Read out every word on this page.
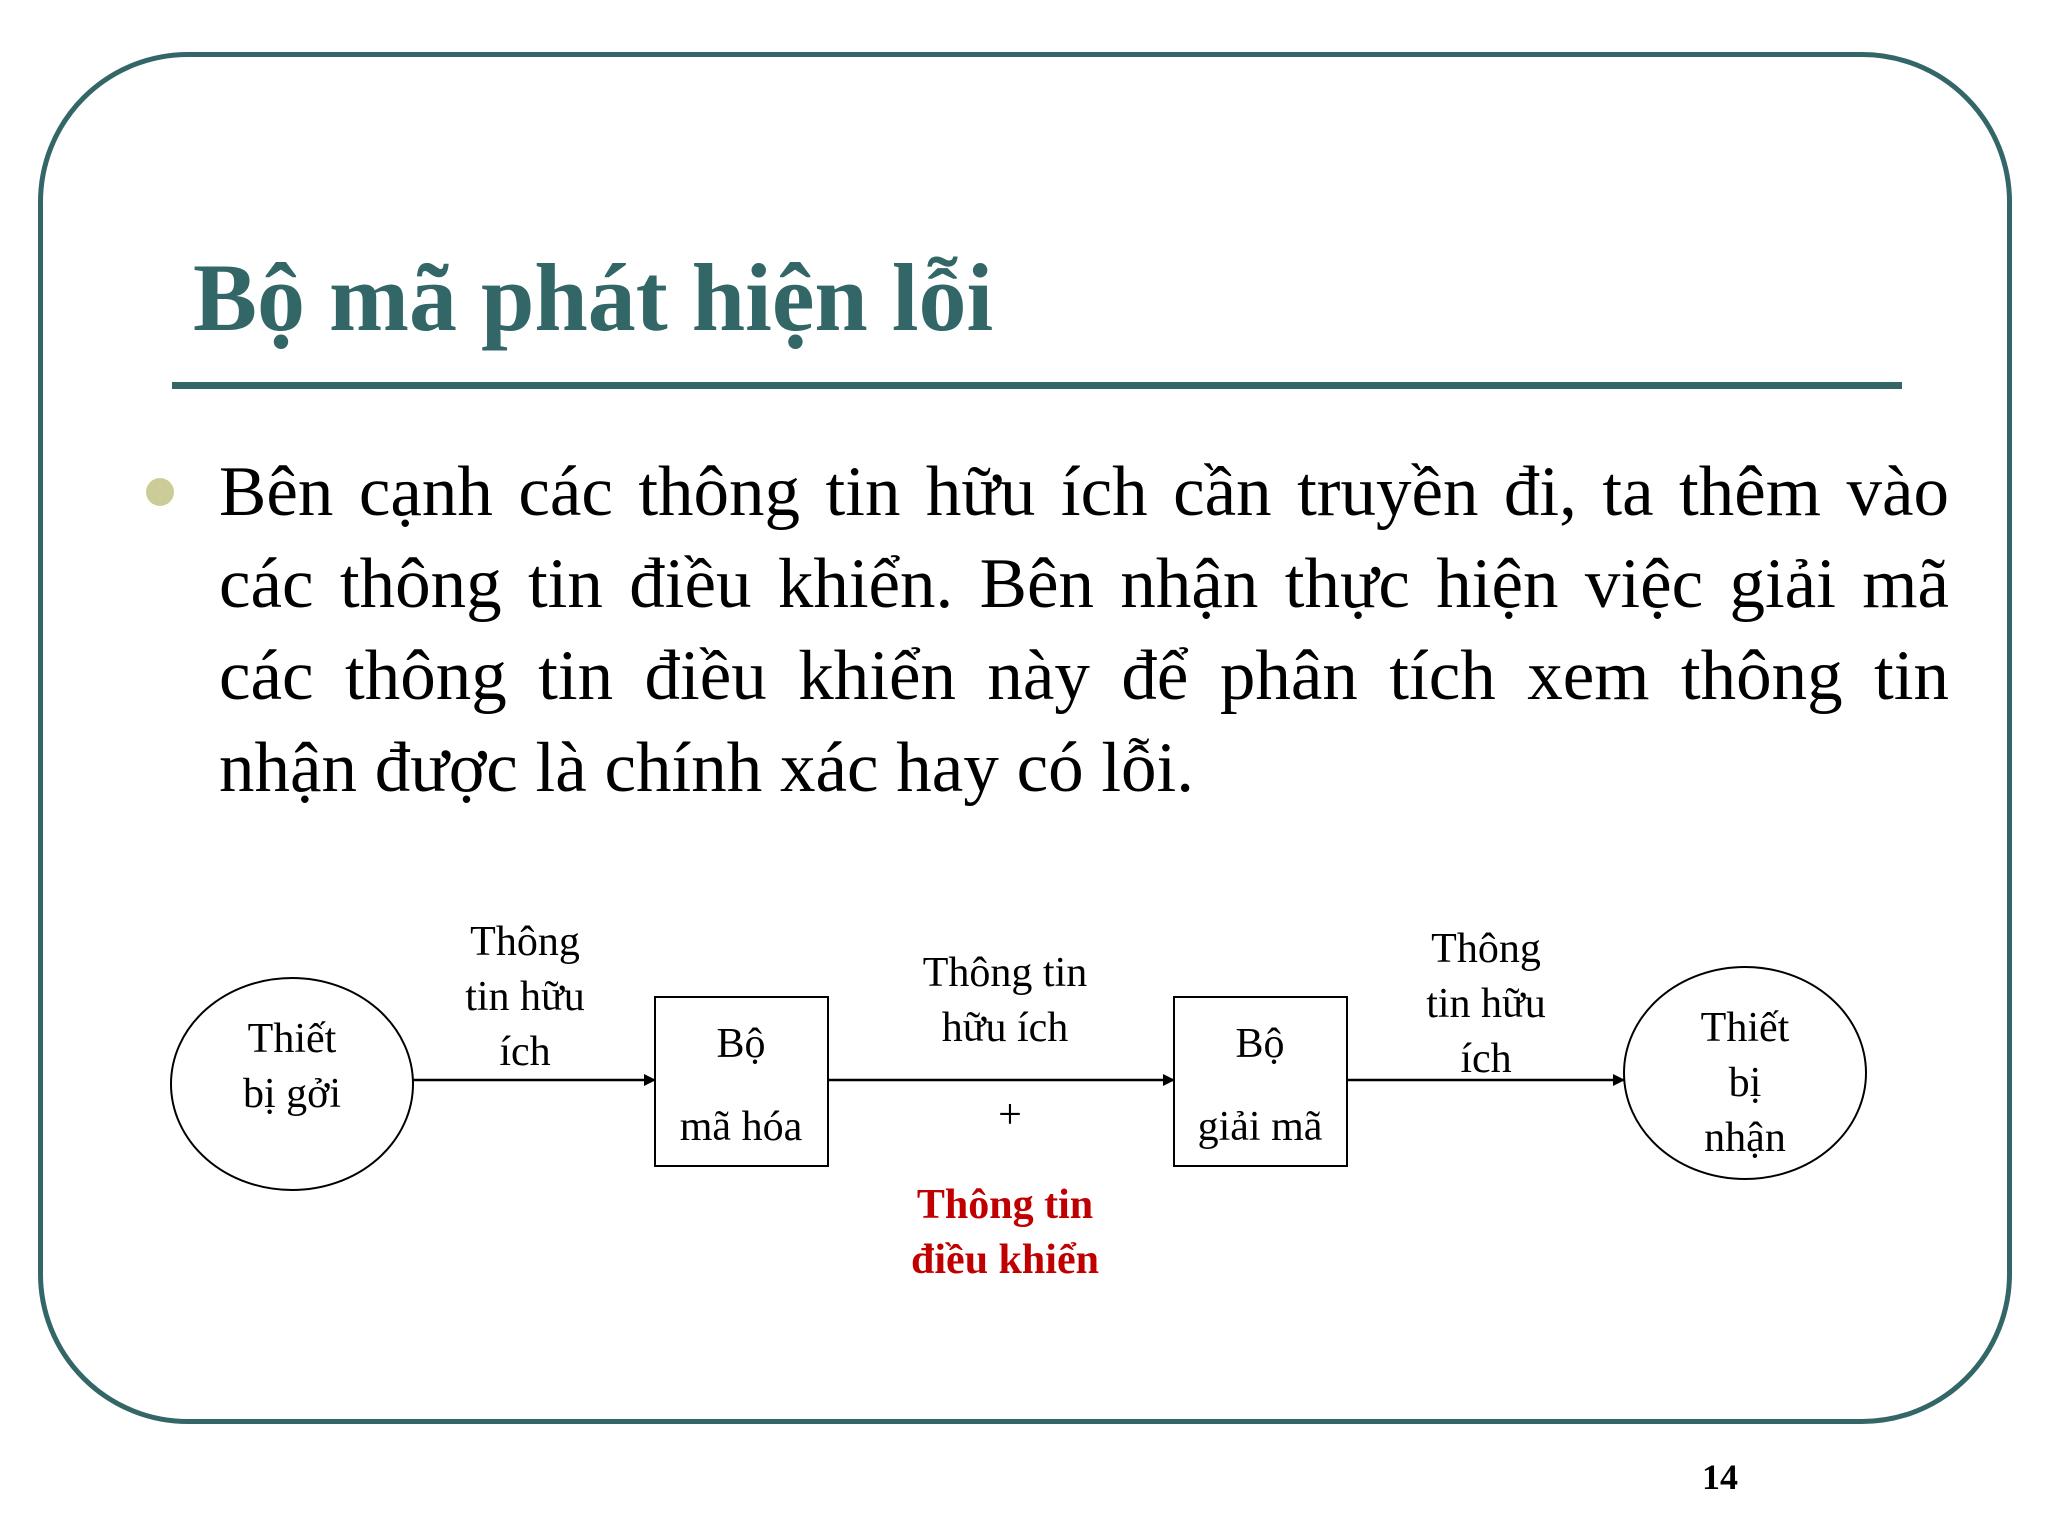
Bộ mã phát hiện lỗi
Bên cạnh các thông tin hữu ích cần truyền đi, ta thêm vào các thông tin điều khiển. Bên nhận thực hiện việc giải mã các thông tin điều khiển này để phân tích xem thông tin nhận được là chính xác hay có lỗi.
Thiết
bị gởi
Bộ
mã hóa
Bộ
giải mã
Thiết
bị
nhận
Thông
tin hữu
ích
Thông tin
hữu ích
+
Thông tin
điều khiển
Thông
tin hữu
ích
14
